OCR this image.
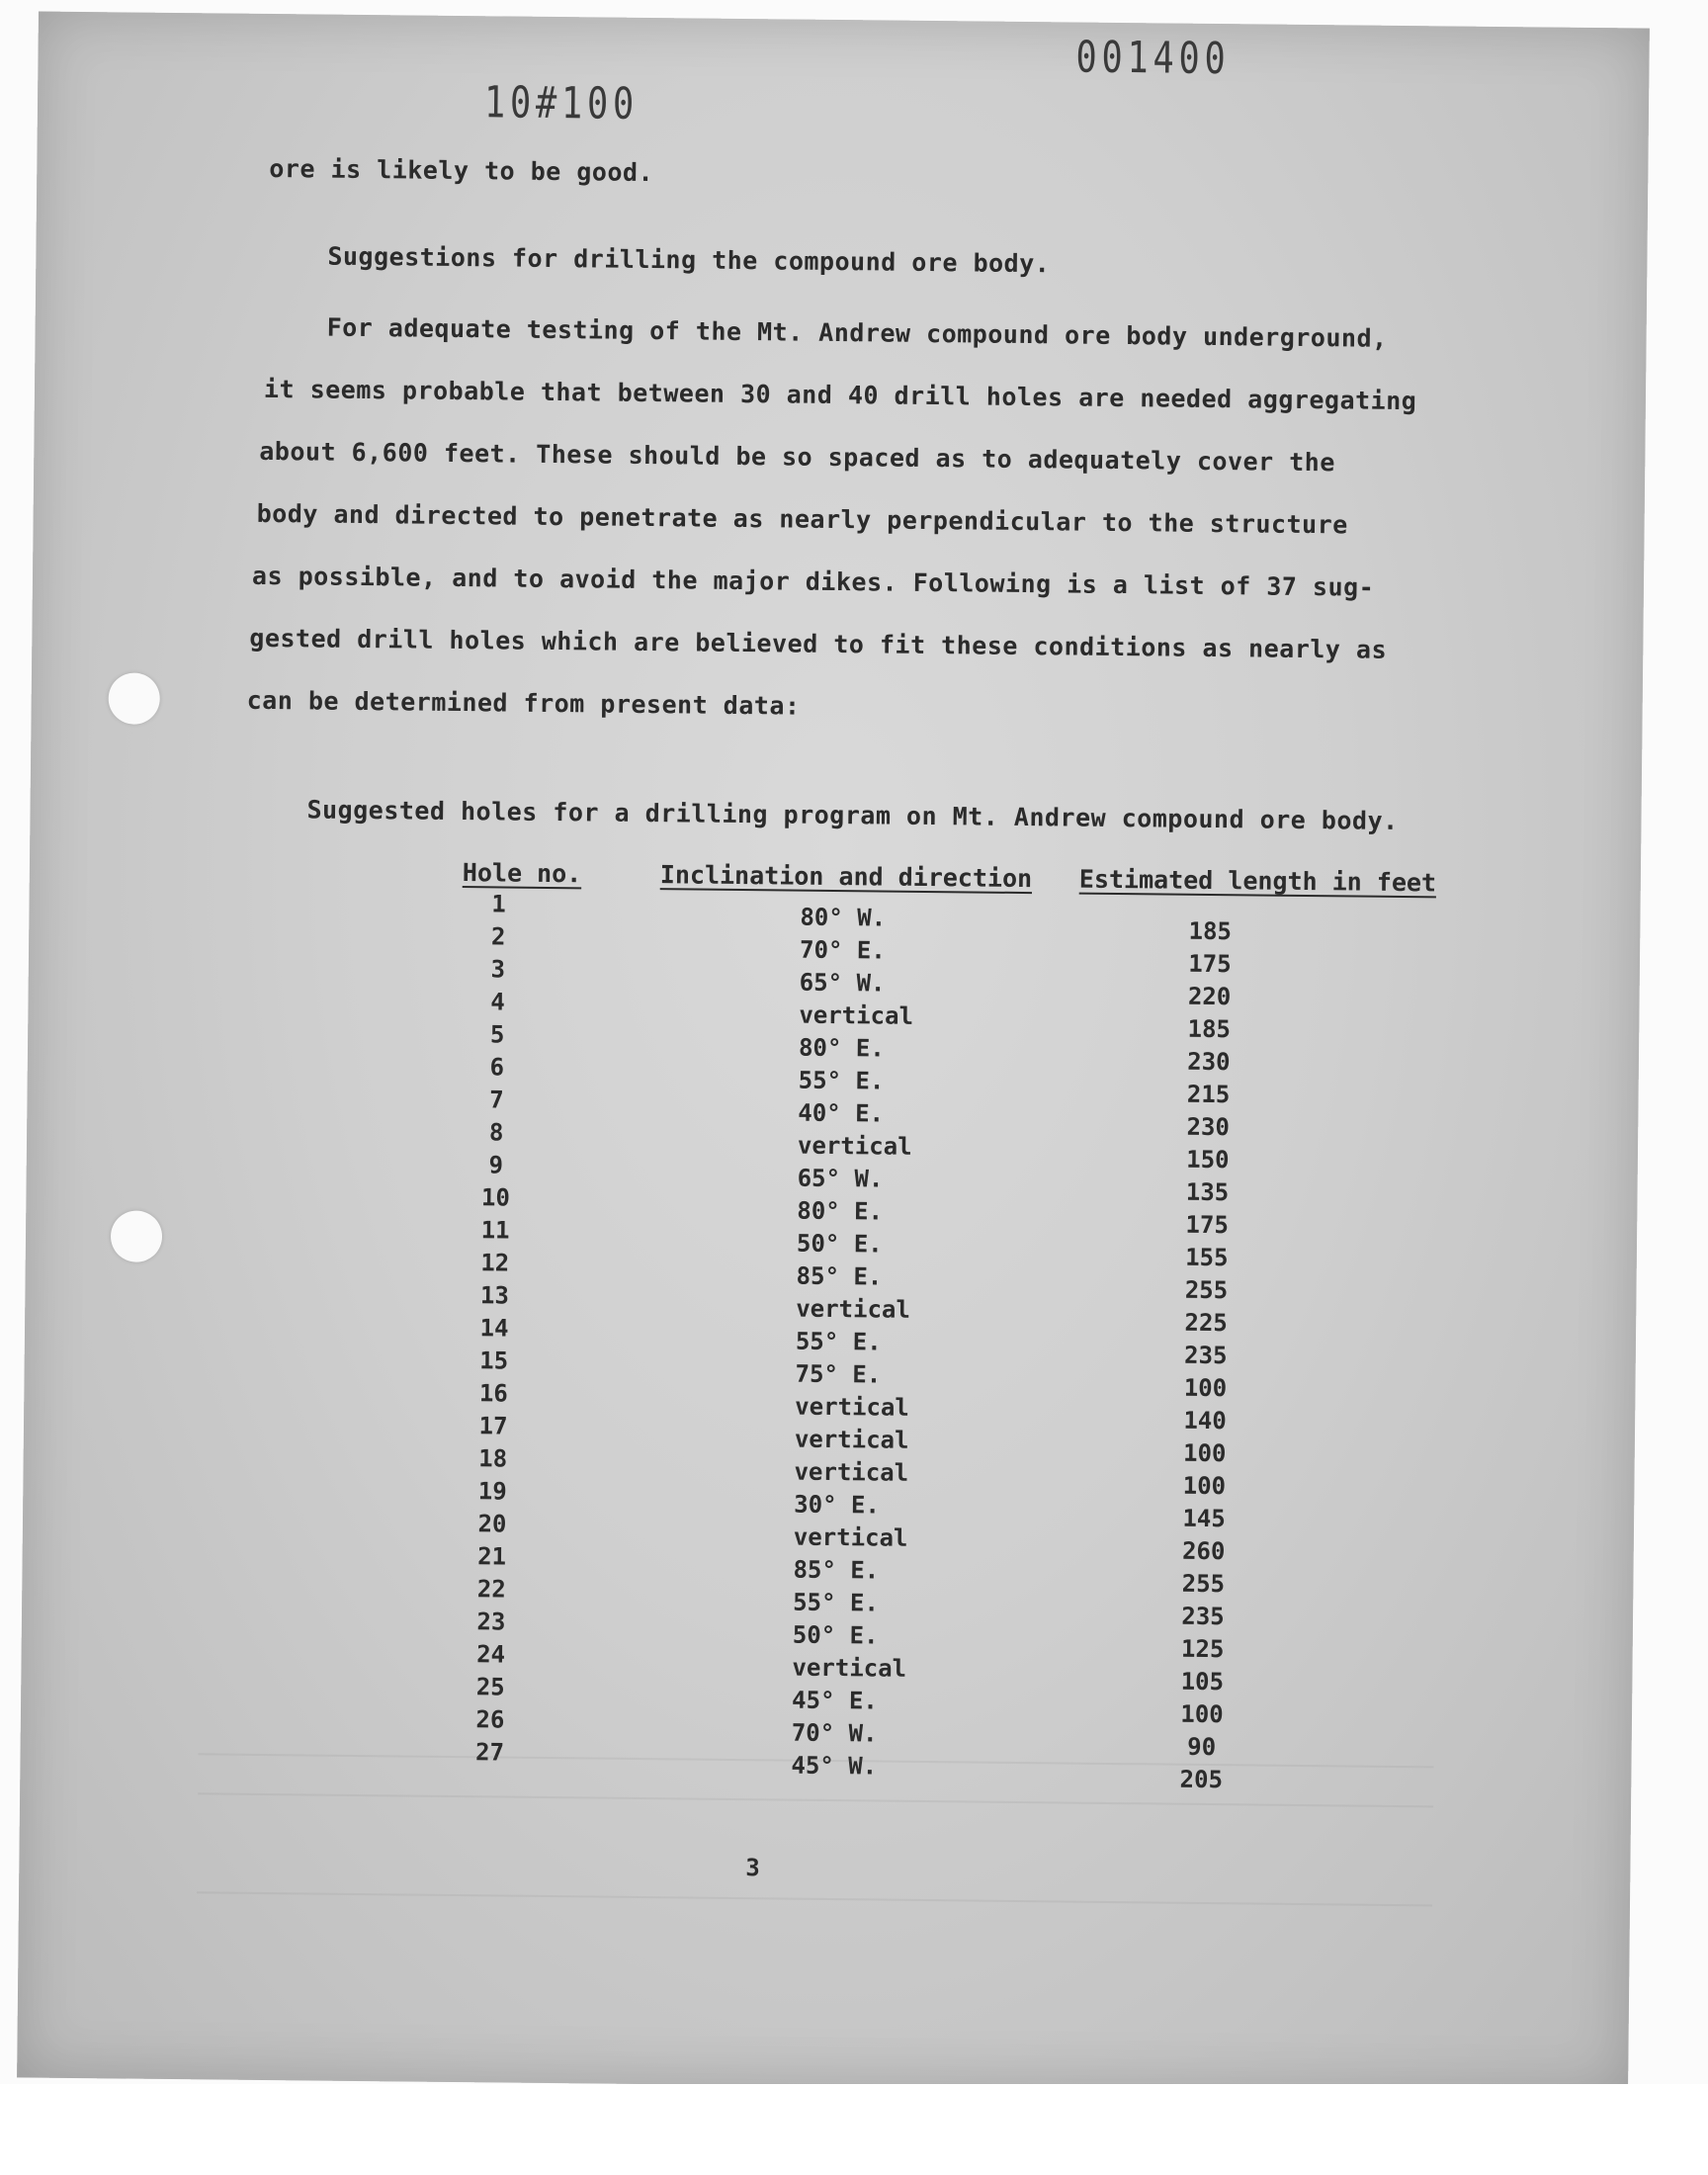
001400
10#100
ore is likely to be good.
Suggestions for drilling the compound ore body.
For adequate testing of the Mt. Andrew compound ore body underground,
it seems probable that between 30 and 40 drill holes are needed aggregating
about 6,600 feet. These should be so spaced as to adequately cover the
body and directed to penetrate as nearly perpendicular to the structure
as possible, and to avoid the major dikes. Following is a list of 37 sug-
gested drill holes which are believed to fit these conditions as nearly as
can be determined from present data:
Suggested holes for a drilling program on Mt. Andrew compound ore body.
Hole no.	Inclination and direction Estimated length in feet
1
2
3
4
5
6
7
8
9
10
11
12
13
14
15
16
17
18
19
20
21
22
23
24
25
26
27
80° W.
70° E.
65° W.
vertical
80° E.
55° E.
40° E.
vertical
65° W.
80° E.
50° E.
85° E.
vertical
55° E.
75° E.
vertical
vertical
vertical
30° E.
vertical
85° E.
55° E.
50° E.
vertical
45° E.
70° W.
45° W.
185
175
220
185
230
215
230
150
135
175
155
255
225
235
100
140
100
100
145
260
255
235
125
105
100
90
205
3
